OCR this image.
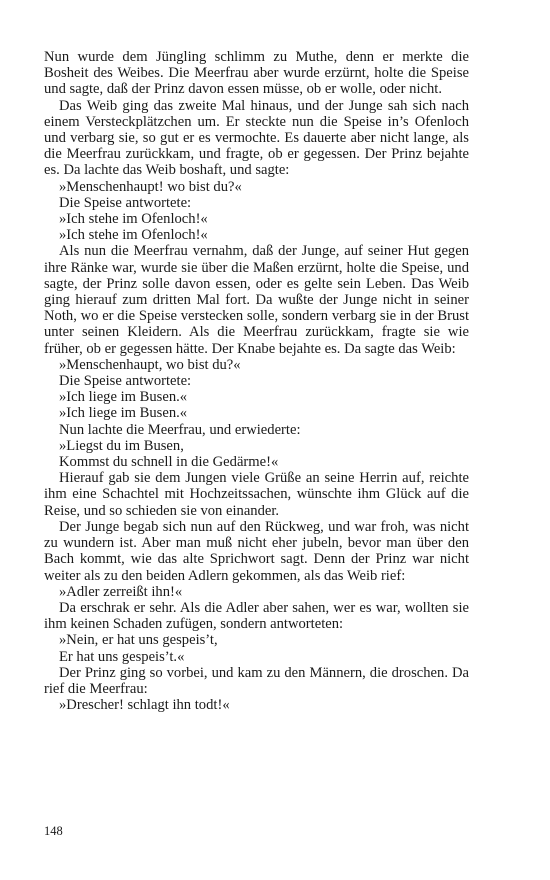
Nun wurde dem Jüngling schlimm zu Muthe, denn er merkte die Bosheit des Weibes. Die Meerfrau aber wurde erzürnt, holte die Speise und sagte, daß der Prinz davon essen müsse, ob er wolle, oder nicht.

Das Weib ging das zweite Mal hinaus, und der Junge sah sich nach einem Versteckplätzchen um. Er steckte nun die Speise in’s Ofenloch und verbarg sie, so gut er es vermochte. Es dauerte aber nicht lange, als die Meerfrau zurückkam, und fragte, ob er gegessen. Der Prinz bejahte es. Da lachte das Weib boshaft, und sagte:

»Menschenhaupt! wo bist du?«

Die Speise antwortete:

»Ich stehe im Ofenloch!«

»Ich stehe im Ofenloch!«

Als nun die Meerfrau vernahm, daß der Junge, auf seiner Hut gegen ihre Ränke war, wurde sie über die Maßen erzürnt, holte die Speise, und sagte, der Prinz solle davon essen, oder es gelte sein Leben. Das Weib ging hierauf zum dritten Mal fort. Da wußte der Junge nicht in seiner Noth, wo er die Speise verstecken solle, sondern verbarg sie in der Brust unter seinen Kleidern. Als die Meerfrau zurückkam, fragte sie wie früher, ob er gegessen hätte. Der Knabe bejahte es. Da sagte das Weib:

»Menschenhaupt, wo bist du?«

Die Speise antwortete:

»Ich liege im Busen.«

»Ich liege im Busen.«

Nun lachte die Meerfrau, und erwiederte:

»Liegst du im Busen,

Kommst du schnell in die Gedärme!«

Hierauf gab sie dem Jungen viele Grüße an seine Herrin auf, reichte ihm eine Schachtel mit Hochzeitssachen, wünschte ihm Glück auf die Reise, und so schieden sie von einander.

Der Junge begab sich nun auf den Rückweg, und war froh, was nicht zu wundern ist. Aber man muß nicht eher jubeln, bevor man über den Bach kommt, wie das alte Sprichwort sagt. Denn der Prinz war nicht weiter als zu den beiden Adlern gekommen, als das Weib rief:

»Adler zerreißt ihn!«

Da erschrak er sehr. Als die Adler aber sahen, wer es war, wollten sie ihm keinen Schaden zufügen, sondern antworteten:

»Nein, er hat uns gespeis’t,

Er hat uns gespeis’t.«

Der Prinz ging so vorbei, und kam zu den Männern, die droschen. Da rief die Meerfrau:

»Drescher! schlagt ihn todt!«

148
